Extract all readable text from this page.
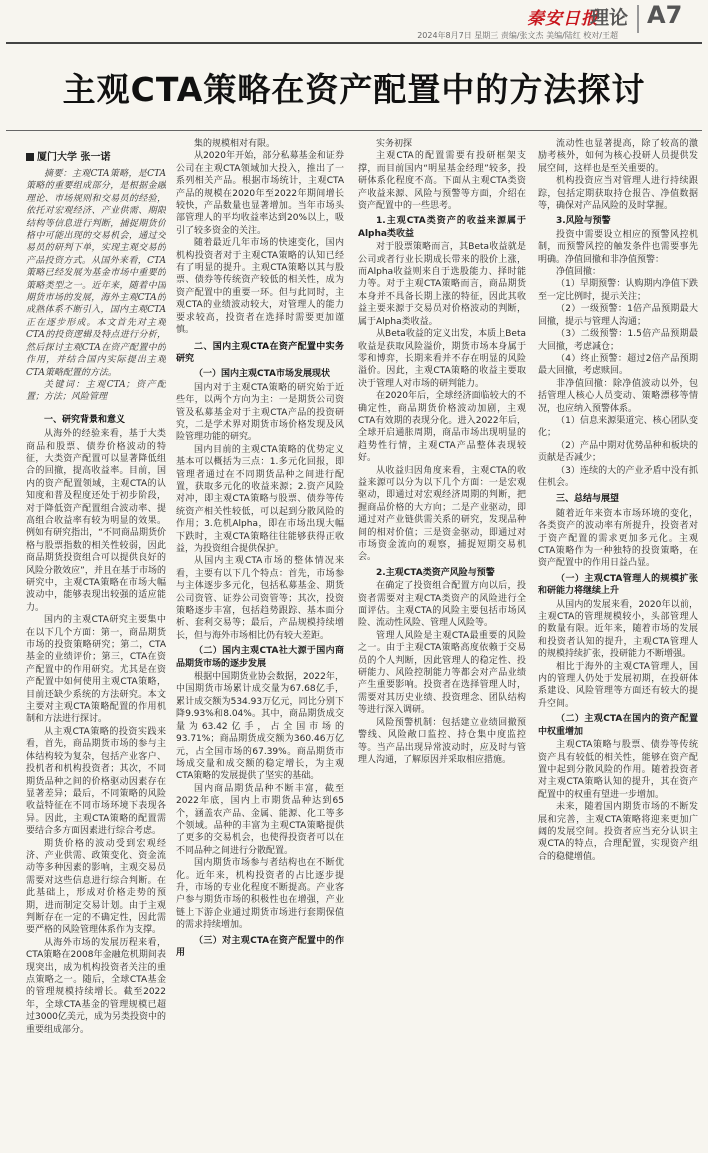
秦安日报
理论 A7
2024年8月7日 星期三 责编/张文杰 美编/陆红 校对/王超
主观CTA策略在资产配置中的方法探讨
厦门大学 张一诺

摘要：主观CTA策略，是CTA策略的重要组成部分，是根据金融理论、市场规则和交易员的经验，依托对宏观经济、产业供需、期限结构等信息进行判断，捕捉期货价格中可能出现的交易机会，通过交易员的研判下单，实现主观交易的产品投资方式。从国外来看，CTA策略已经发展为基金市场中重要的策略类型之一。近年来，随着中国期货市场的发展，海外主观CTA的成熟体系不断引入，国内主观CTA正在逐步形成。本文首先对主观CTA的投资逻辑及特点进行分析，然后探讨主观CTA在资产配置中的作用，并结合国内实际提出主观CTA策略配置的方法。

关键词：主观CTA；资产配置；方法；风险管理

一、研究背景和意义

从海外的经验来看，基于大类商品和股票、债券价格波动的特征，大类资产配置可以显著降低组合的回撤，提高收益率。目前，国内的资产配置领域，主观CTA的认知度和普及程度还处于初步阶段，对于降低资产配置组合波动率、提高组合收益率有较为明显的效果。例如有研究指出，“不同商品期货价格与股票指数的相关性较弱，因此商品期货投资组合可以提供良好的风险分散效应”，并且在基于市场的研究中，主观CTA策略在市场大幅波动中，能够表现出较强的适应能力。

国内的主观CTA研究主要集中在以下几个方面：第一，商品期货市场的投资策略研究；第二，CTA基金的业绩评价；第三，CTA在资产配置中的作用研究。尤其是在资产配置中如何使用主观CTA策略，目前还缺少系统的方法研究。本文主要对主观CTA策略配置的作用机制和方法进行探讨。

从主观CTA策略的投资实践来看，首先，商品期货市场的参与主体结构较为复杂，包括产业客户、投机者和机构投资者；其次，不同期货品种之间的价格驱动因素存在显著差异；最后，不同策略的风险收益特征在不同市场环境下表现各异。因此，主观CTA策略的配置需要结合多方面因素进行综合考虑。

期货价格的波动受到宏观经济、产业供需、政策变化、资金流动等多种因素的影响，主观交易员需要对这些信息进行综合判断。在此基础上，形成对价格走势的预期，进而制定交易计划。由于主观判断存在一定的不确定性，因此需要严格的风险管理体系作为支撑。

从海外市场的发展历程来看，CTA策略在2008年金融危机期间表现突出，成为机构投资者关注的重点策略之一。随后，全球CTA基金的管理规模持续增长。截至2022年，全球CTA基金的管理规模已超过3000亿美元，成为另类投资中的重要组成部分。

集的规模相对有限。

从2020年开始，部分私募基金和证券公司在主观CTA领域加大投入，推出了一系列相关产品。根据市场统计，主观CTA产品的规模在2020年至2022年期间增长较快，产品数量也显著增加。当年市场头部管理人的平均收益率达到20%以上，吸引了较多资金的关注。

随着最近几年市场的快速变化，国内机构投资者对于主观CTA策略的认知已经有了明显的提升。主观CTA策略以其与股票、债券等传统资产较低的相关性，成为资产配置中的重要一环。但与此同时，主观CTA的业绩波动较大，对管理人的能力要求较高，投资者在选择时需要更加谨慎。

二、国内主观CTA在资产配置中实务研究
（一）国内主观CTA市场发展现状

国内对于主观CTA策略的研究始于近些年，以两个方向为主：一是期货公司资管及私募基金对于主观CTA产品的投资研究，二是学术界对期货市场价格发现及风险管理功能的研究。

国内目前的主观CTA策略的优势定义基本可以概括为三点：1.多元化回报，即管理者通过在不同期货品种之间进行配置，获取多元化的收益来源；2.资产风险对冲，即主观CTA策略与股票、债券等传统资产相关性较低，可以起到分散风险的作用；3.危机Alpha，即在市场出现大幅下跌时，主观CTA策略往往能够获得正收益，为投资组合提供保护。

从国内主观CTA市场的整体情况来看，主要有以下几个特点：首先，市场参与主体逐步多元化，包括私募基金、期货公司资管、证券公司资管等；其次，投资策略逐步丰富，包括趋势跟踪、基本面分析、套利交易等；最后，产品规模持续增长，但与海外市场相比仍有较大差距。

（二）国内主观CTA社大源于国内商品期货市场的逐步发展

根据中国期货业协会数据，2022年，中国期货市场累计成交量为67.68亿手，累计成交额为534.93万亿元，同比分别下降9.93%和8.04%。其中，商品期货成交量为63.42亿手，占全国市场的93.71%；商品期货成交额为360.46万亿元，占全国市场的67.39%。商品期货市场成交量和成交额的稳定增长，为主观CTA策略的发展提供了坚实的基础。

国内商品期货品种不断丰富，截至2022年底，国内上市期货品种达到65个，涵盖农产品、金属、能源、化工等多个领域。品种的丰富为主观CTA策略提供了更多的交易机会，也使得投资者可以在不同品种之间进行分散配置。

国内期货市场参与者结构也在不断优化。近年来，机构投资者的占比逐步提升，市场的专业化程度不断提高。产业客户参与期货市场的积极性也在增强，产业链上下游企业通过期货市场进行套期保值的需求持续增加。

（三）对主观CTA在资产配置中的作用

实务初探

主观CTA的配置需要有投研框架支撑，而目前国内“明星基金经理”较多，投研体系化程度不高。下面从主观CTA类资产收益来源、风险与预警等方面，介绍在资产配置中的一些思考。

1.主观CTA类资产的收益来源属于Alpha类收益

对于股票策略而言，其Beta收益就是公司或者行业长期成长带来的股价上涨，而Alpha收益则来自于选股能力、择时能力等。对于主观CTA策略而言，商品期货本身并不具备长期上涨的特征，因此其收益主要来源于交易员对价格波动的判断，属于Alpha类收益。

从Beta收益的定义出发，本质上Beta收益是获取风险溢价，期货市场本身属于零和博弈，长期来看并不存在明显的风险溢价。因此，主观CTA策略的收益主要取决于管理人对市场的研判能力。

在2020年后，全球经济面临较大的不确定性，商品期货价格波动加剧，主观CTA有效期的表现分化。进入2022年后，全球开启通胀周期，商品市场出现明显的趋势性行情，主观CTA产品整体表现较好。

从收益归因角度来看，主观CTA的收益来源可以分为以下几个方面：一是宏观驱动，即通过对宏观经济周期的判断，把握商品价格的大方向；二是产业驱动，即通过对产业链供需关系的研究，发现品种间的相对价值；三是资金驱动，即通过对市场资金流向的观察，捕捉短期交易机会。

2.主观CTA类资产风险与预警

在确定了投资组合配置方向以后，投资者需要对主观CTA类资产的风险进行全面评估。主观CTA的风险主要包括市场风险、流动性风险、管理人风险等。

管理人风险是主观CTA最重要的风险之一。由于主观CTA策略高度依赖于交易员的个人判断，因此管理人的稳定性、投研能力、风险控制能力等都会对产品业绩产生重要影响。投资者在选择管理人时，需要对其历史业绩、投资理念、团队结构等进行深入调研。

风险预警机制：包括建立业绩回撤预警线、风险敞口监控、持仓集中度监控等。当产品出现异常波动时，应及时与管理人沟通，了解原因并采取相应措施。

流动性也显著提高，除了较高的激励考核外，如何为核心投研人员提供发展空间，这样也是至关重要的。

机构投资应当对管理人进行持续跟踪，包括定期获取持仓报告、净值数据等，确保对产品风险的及时掌握。

3.风险与预警

投资中需要设立相应的预警风控机制，而预警风控的触发条件也需要事先明确。净值回撤和非净值预警：

净值回撤：

（1）早期预警：认购期内净值下跌至一定比例时，提示关注；

（2）一级预警：1倍产品预期最大回撤，提示与管理人沟通；

（3）二级预警：1.5倍产品预期最大回撤，考虑减仓；

（4）终止预警：超过2倍产品预期最大回撤，考虑赎回。

非净值回撤：除净值波动以外，包括管理人核心人员变动、策略漂移等情况，也应纳入预警体系。

（1）信息来源渠道完、核心团队变化；

（2）产品中期对优势品种和板块的贡献是否减少；

（3）连续的大的产业矛盾中没有抓住机会。

三、总结与展望

随着近年来资本市场环境的变化，各类资产的波动率有所提升，投资者对于资产配置的需求更加多元化。主观CTA策略作为一种独特的投资策略，在资产配置中的作用日益凸显。

（一）主观CTA管理人的规模扩张和研能力将继续上升

从国内的发展来看，2020年以前，主观CTA的管理规模较小，头部管理人的数量有限。近年来，随着市场的发展和投资者认知的提升，主观CTA管理人的规模持续扩张，投研能力不断增强。

相比于海外的主观CTA管理人，国内的管理人仍处于发展初期，在投研体系建设、风险管理等方面还有较大的提升空间。

（二）主观CTA在国内的资产配置中权重增加

主观CTA策略与股票、债券等传统资产具有较低的相关性，能够在资产配置中起到分散风险的作用。随着投资者对主观CTA策略认知的提升，其在资产配置中的权重有望进一步增加。

未来，随着国内期货市场的不断发展和完善，主观CTA策略将迎来更加广阔的发展空间。投资者应当充分认识主观CTA的特点，合理配置，实现资产组合的稳健增值。
